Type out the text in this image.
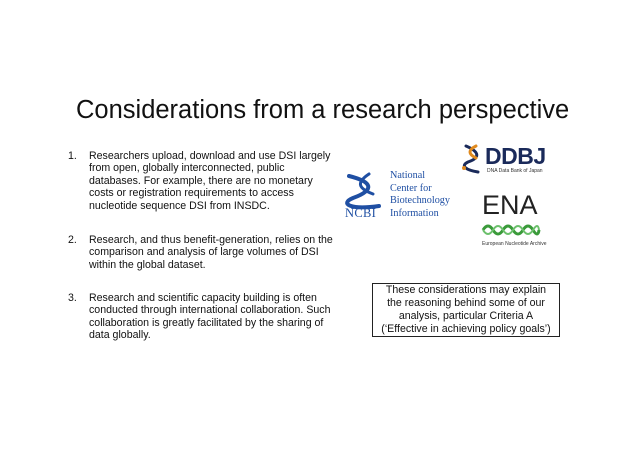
Considerations from a research perspective
1. Researchers upload, download and use DSI largely from open, globally interconnected, public databases. For example, there are no monetary costs or registration requirements to access nucleotide sequence DSI from INSDC.
2. Research, and thus benefit-generation, relies on the comparison and analysis of large volumes of DSI within the global dataset.
3. Research and scientific capacity building is often conducted through international collaboration. Such collaboration is greatly facilitated by the sharing of data globally.
NCBI
National
Center for
Biotechnology
Information
DDBJ
DNA Data Bank of Japan
ENA
European Nucleotide Archive
These considerations may explain
the reasoning behind some of our
analysis, particular Criteria A
(‘Effective in achieving policy goals’)
